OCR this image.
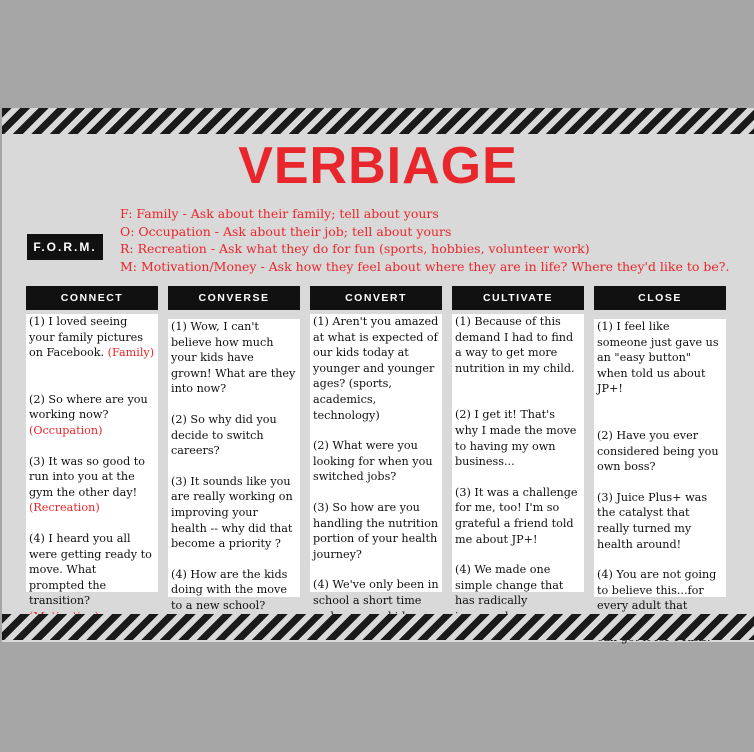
VERBIAGE
F.O.R.M.
F: Family - Ask about their family; tell about yours
O: Occupation - Ask about their job; tell about yours
R: Recreation - Ask what they do for fun (sports, hobbies, volunteer work)
M: Motivation/Money - Ask how they feel about where they are in life? Where they'd like to be?.
CONNECT

(1) I loved seeing your family pictures on Facebook. (Family)

(2) So where are you working now? (Occupation)

(3) It was so good to run into you at the gym the other day! (Recreation)

(4) I heard you all were getting ready to move. What prompted the transition?

CONVERSE

(1) Wow, I can't believe how much your kids have grown! What are they into now?

(2) So why did you decide to switch careers?

(3) It sounds like you are really working on improving your health -- why did that become a priority ?

(4) How are the kids doing with the move to a new school?

CONVERT

(1) Aren't you amazed at what is expected of our kids today at younger and younger ages? (sports, academics, technology)

(2) What were you looking for when you switched jobs?

(3) So how are you handling the nutrition portion of your health journey?

(4) We've only been in school a short time

CULTIVATE

(1) Because of this demand I had to find a way to get more nutrition in my child.

(2) I get it! That's why I made the move to having my own business...

(3) It was a challenge for me, too! I'm so grateful a friend told me about JP+!

(4) We made one simple change that has radically

CLOSE

(1) I feel like someone just gave us an "easy button" when told us about JP+!

(2) Have you ever considered being you own boss?

(3) Juice Plus+ was the catalyst that really turned my health around!

(4) You are not going to believe this...for every adult that
